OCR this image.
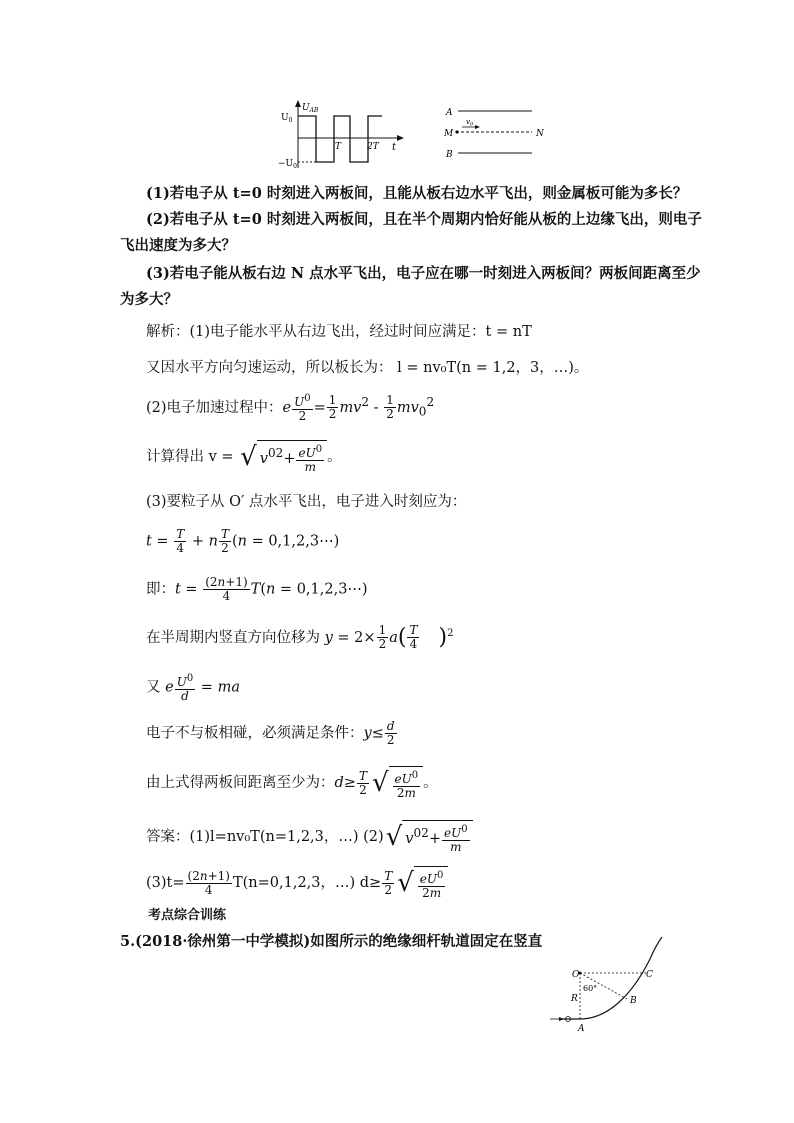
$U_{AB}$
$U_0$
$-U_0$
T	2T t
A
B
M	N
$v_0$
(1)若电子从 t=0 时刻进入两板间，且能从板右边水平飞出，则金属板可能为多长？
(2)若电子从 t=0 时刻进入两板间，且在半个周期内恰好能从板的上边缘飞出，则电子
飞出速度为多大？
(3)若电子能从板右边 N 点水平飞出，电子应在哪一时刻进入两板间？两板间距离至少
为多大？
解析：(1)电子能水平从右边飞出，经过时间应满足：t = nT
又因水平方向匀速运动，所以板长为： l = nv₀T(n = 1,2，3，…)。
(2)电子加速过程中：e $\frac{U^0}{2} = \frac{1}{2} mv^2 - \frac{1}{2} mv_0^2$
计算得出 v = √ $v^{02}+ \frac{eU^0}{m}$ 。
(3)要粒子从 O′ 点水平飞出，电子进入时刻应为：
$t = \frac{T}{4} + n \frac{T}{2} (n$ = 0,1,2,3⋯)
即：$t = \frac{(2n+1)}{4} T(n$ = 0,1,2,3⋯)
在半周期内竖直方向位移为 $y = 2\times \frac{1}{2} a( \frac{T}{4} )^2$
又 e $\frac{U^0}{d}$ = ma
电子不与板相碰，必须满足条件：$y\le \frac{d}{2}$
由上式得两板间距离至少为：$d\ge \frac{T}{2}$ √ $\frac{eU^0}{2m}$ 。
答案：(1)l=nv₀T(n=1,2,3，…) (2)√ $v^{02}+ \frac{eU^0}{m}$
$(3)t= \frac{(2n+1)}{4} T(n=0,1,2,3$，…) $d\ge \frac{T}{2}$ √ $\frac{eU^0}{2m}$
考点综合训练
5.(2018·徐州第一中学模拟)如图所示的绝缘细杆轨道固定在竖直
O	C
B
A
R
60°
